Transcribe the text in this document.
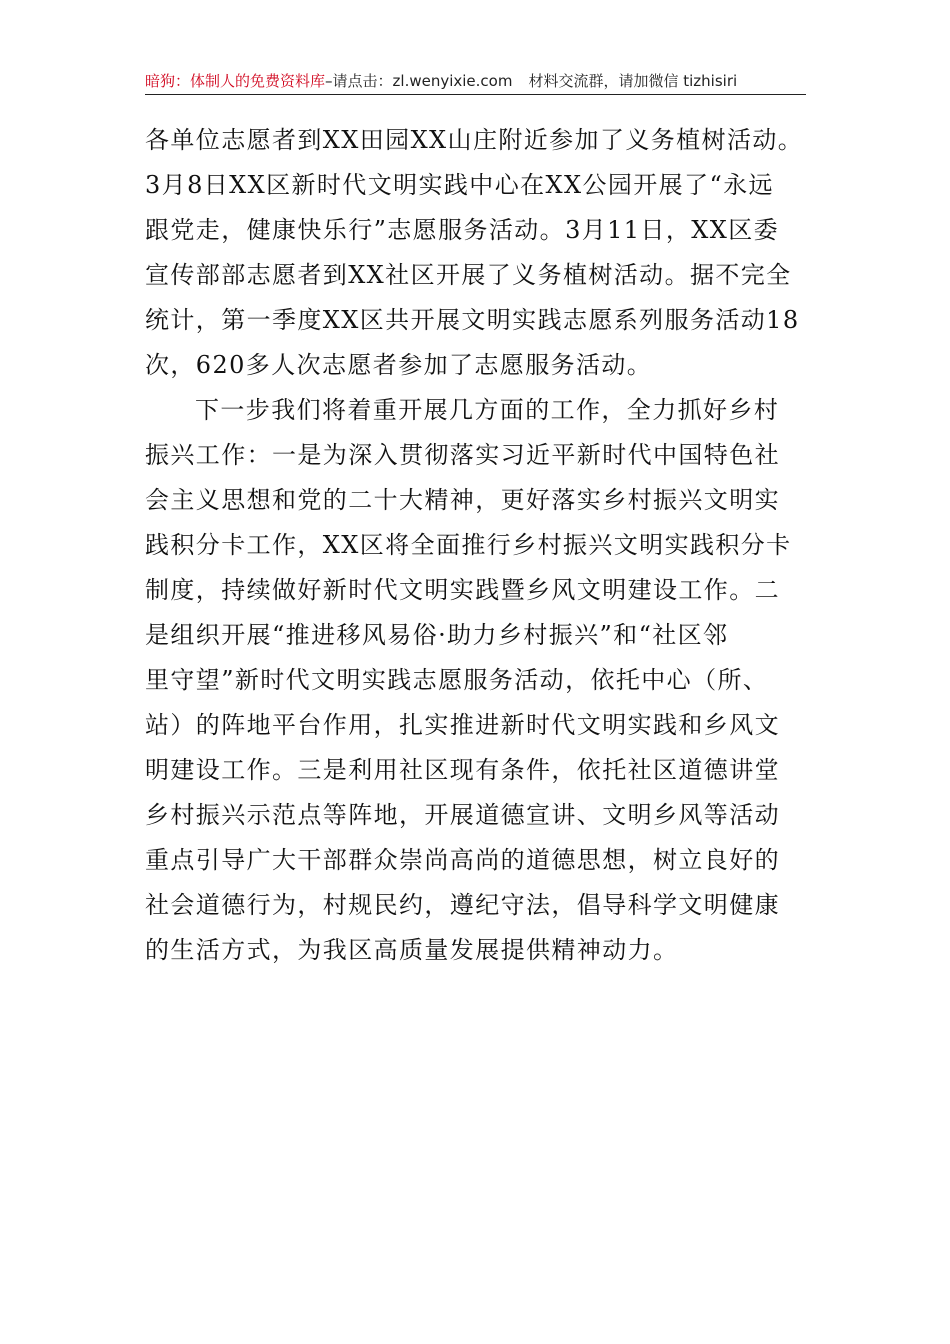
暗狗：体制人的免费资料库–请点击：zl.wenyixie.com 材料交流群，请加微信 tizhisiri
各单位志愿者到XX田园XX山庄附近参加了义务植树活动。
3月8日XX区新时代文明实践中心在XX公园开展了“永远
跟党走，健康快乐行”志愿服务活动。3月11日，XX区委
宣传部部志愿者到XX社区开展了义务植树活动。据不完全
统计，第一季度XX区共开展文明实践志愿系列服务活动18
次，620多人次志愿者参加了志愿服务活动。
下一步我们将着重开展几方面的工作，全力抓好乡村
振兴工作：一是为深入贯彻落实习近平新时代中国特色社
会主义思想和党的二十大精神，更好落实乡村振兴文明实
践积分卡工作，XX区将全面推行乡村振兴文明实践积分卡
制度，持续做好新时代文明实践暨乡风文明建设工作。二
是组织开展“推进移风易俗·助力乡村振兴”和“社区邻
里守望”新时代文明实践志愿服务活动，依托中心（所、
站）的阵地平台作用，扎实推进新时代文明实践和乡风文
明建设工作。三是利用社区现有条件，依托社区道德讲堂
乡村振兴示范点等阵地，开展道德宣讲、文明乡风等活动
重点引导广大干部群众崇尚高尚的道德思想，树立良好的
社会道德行为，村规民约，遵纪守法，倡导科学文明健康
的生活方式，为我区高质量发展提供精神动力。
